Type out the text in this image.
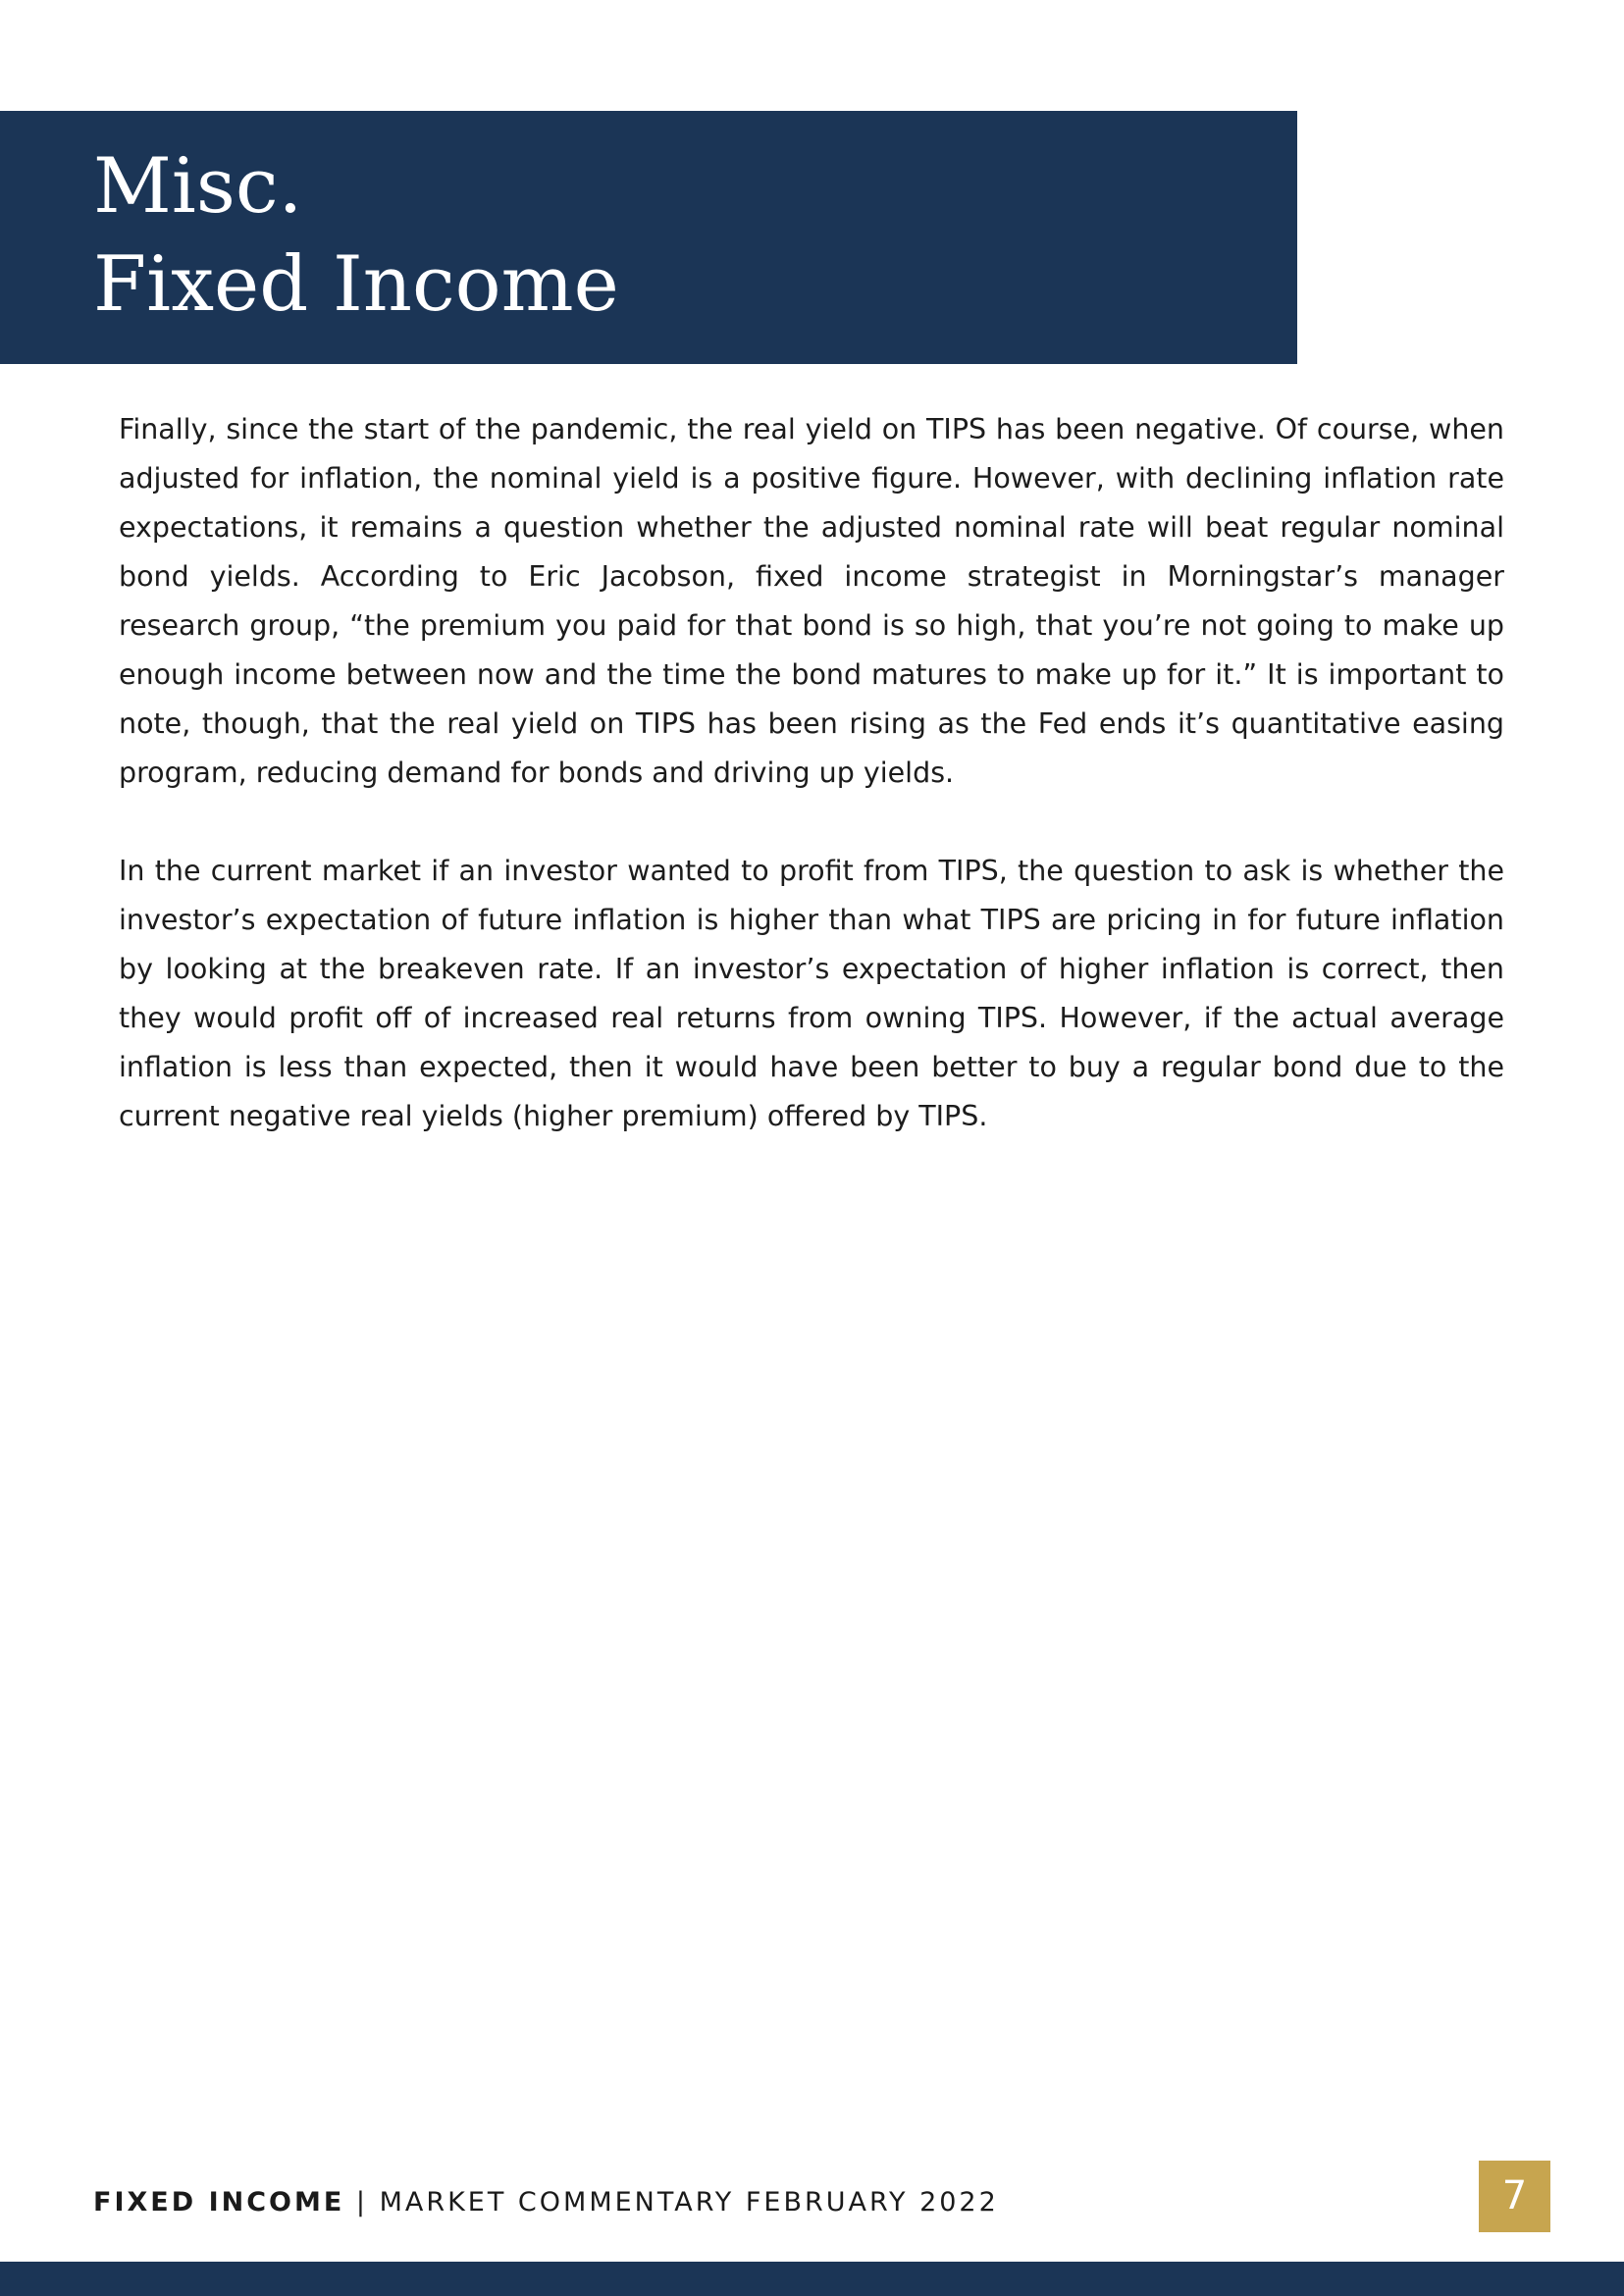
Misc.
Fixed Income

Finally, since the start of the pandemic, the real yield on TIPS has been negative. Of course, when adjusted for inflation, the nominal yield is a positive figure. However, with declining inflation rate expectations, it remains a question whether the adjusted nominal rate will beat regular nominal bond yields. According to Eric Jacobson, fixed income strategist in Morningstar’s manager research group, “the premium you paid for that bond is so high, that you’re not going to make up enough income between now and the time the bond matures to make up for it.” It is important to note, though, that the real yield on TIPS has been rising as the Fed ends it’s quantitative easing program, reducing demand for bonds and driving up yields.

In the current market if an investor wanted to profit from TIPS, the question to ask is whether the investor’s expectation of future inflation is higher than what TIPS are pricing in for future inflation by looking at the breakeven rate. If an investor’s expectation of higher inflation is correct, then they would profit off of increased real returns from owning TIPS. However, if the actual average inflation is less than expected, then it would have been better to buy a regular bond due to the current negative real yields (higher premium) offered by TIPS.

FIXED INCOME | MARKET COMMENTARY FEBRUARY 2022	7
